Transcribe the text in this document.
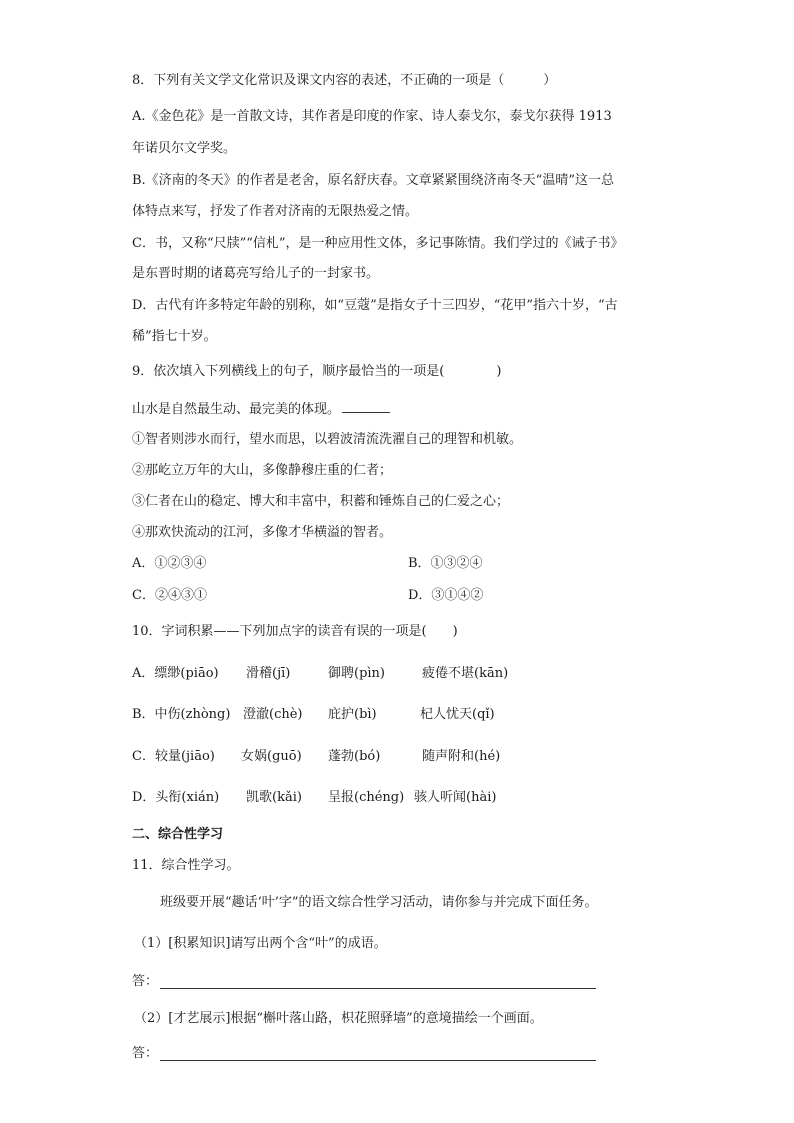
8．下列有关文学文化常识及课文内容的表述，不正确的一项是（　　　）
A.《金色花》是一首散文诗，其作者是印度的作家、诗人泰戈尔，泰戈尔获得 1913
年诺贝尔文学奖。
B.《济南的冬天》的作者是老舍，原名舒庆春。文章紧紧围绕济南冬天“温晴”这一总
体特点来写，抒发了作者对济南的无限热爱之情。
C．书，又称“尺牍”“信札”，是一种应用性文体，多记事陈情。我们学过的《诫子书》
是东晋时期的诸葛亮写给儿子的一封家书。
D．古代有许多特定年龄的别称，如“豆蔻”是指女子十三四岁，“花甲”指六十岁，“古
稀”指七十岁。
9．依次填入下列横线上的句子，顺序最恰当的一项是(　　　　)
山水是自然最生动、最完美的体现。
①智者则涉水而行，望水而思，以碧波清流洗濯自己的理智和机敏。
②那屹立万年的大山，多像静穆庄重的仁者；
③仁者在山的稳定、博大和丰富中，积蓄和锤炼自己的仁爱之心；
④那欢快流动的江河，多像才华横溢的智者。
A．①②③④	B．①③②④
C．②④③①	D．③①④②
10．字词积累——下列加点字的读音有误的一项是(　　)
A．缥缈(piāo) 滑稽(jī)	御聘(pìn)	疲倦不堪(kān)
B．中伤(zhòng) 澄澈(chè) 庇护(bì)	杞人忧天(qǐ)
C．较量(jiāo) 女娲(guō) 蓬勃(bó)	随声附和(hé)
D．头衔(xián) 凯歌(kǎi) 呈报(chéng) 骇人听闻(hài)
二、综合性学习
11．综合性学习。
班级要开展“趣话‘叶’字”的语文综合性学习活动，请你参与并完成下面任务。
（1）[积累知识]请写出两个含“叶”的成语。
答：
（2）[才艺展示]根据“槲叶落山路，枳花照驿墙”的意境描绘一个画面。
答：
